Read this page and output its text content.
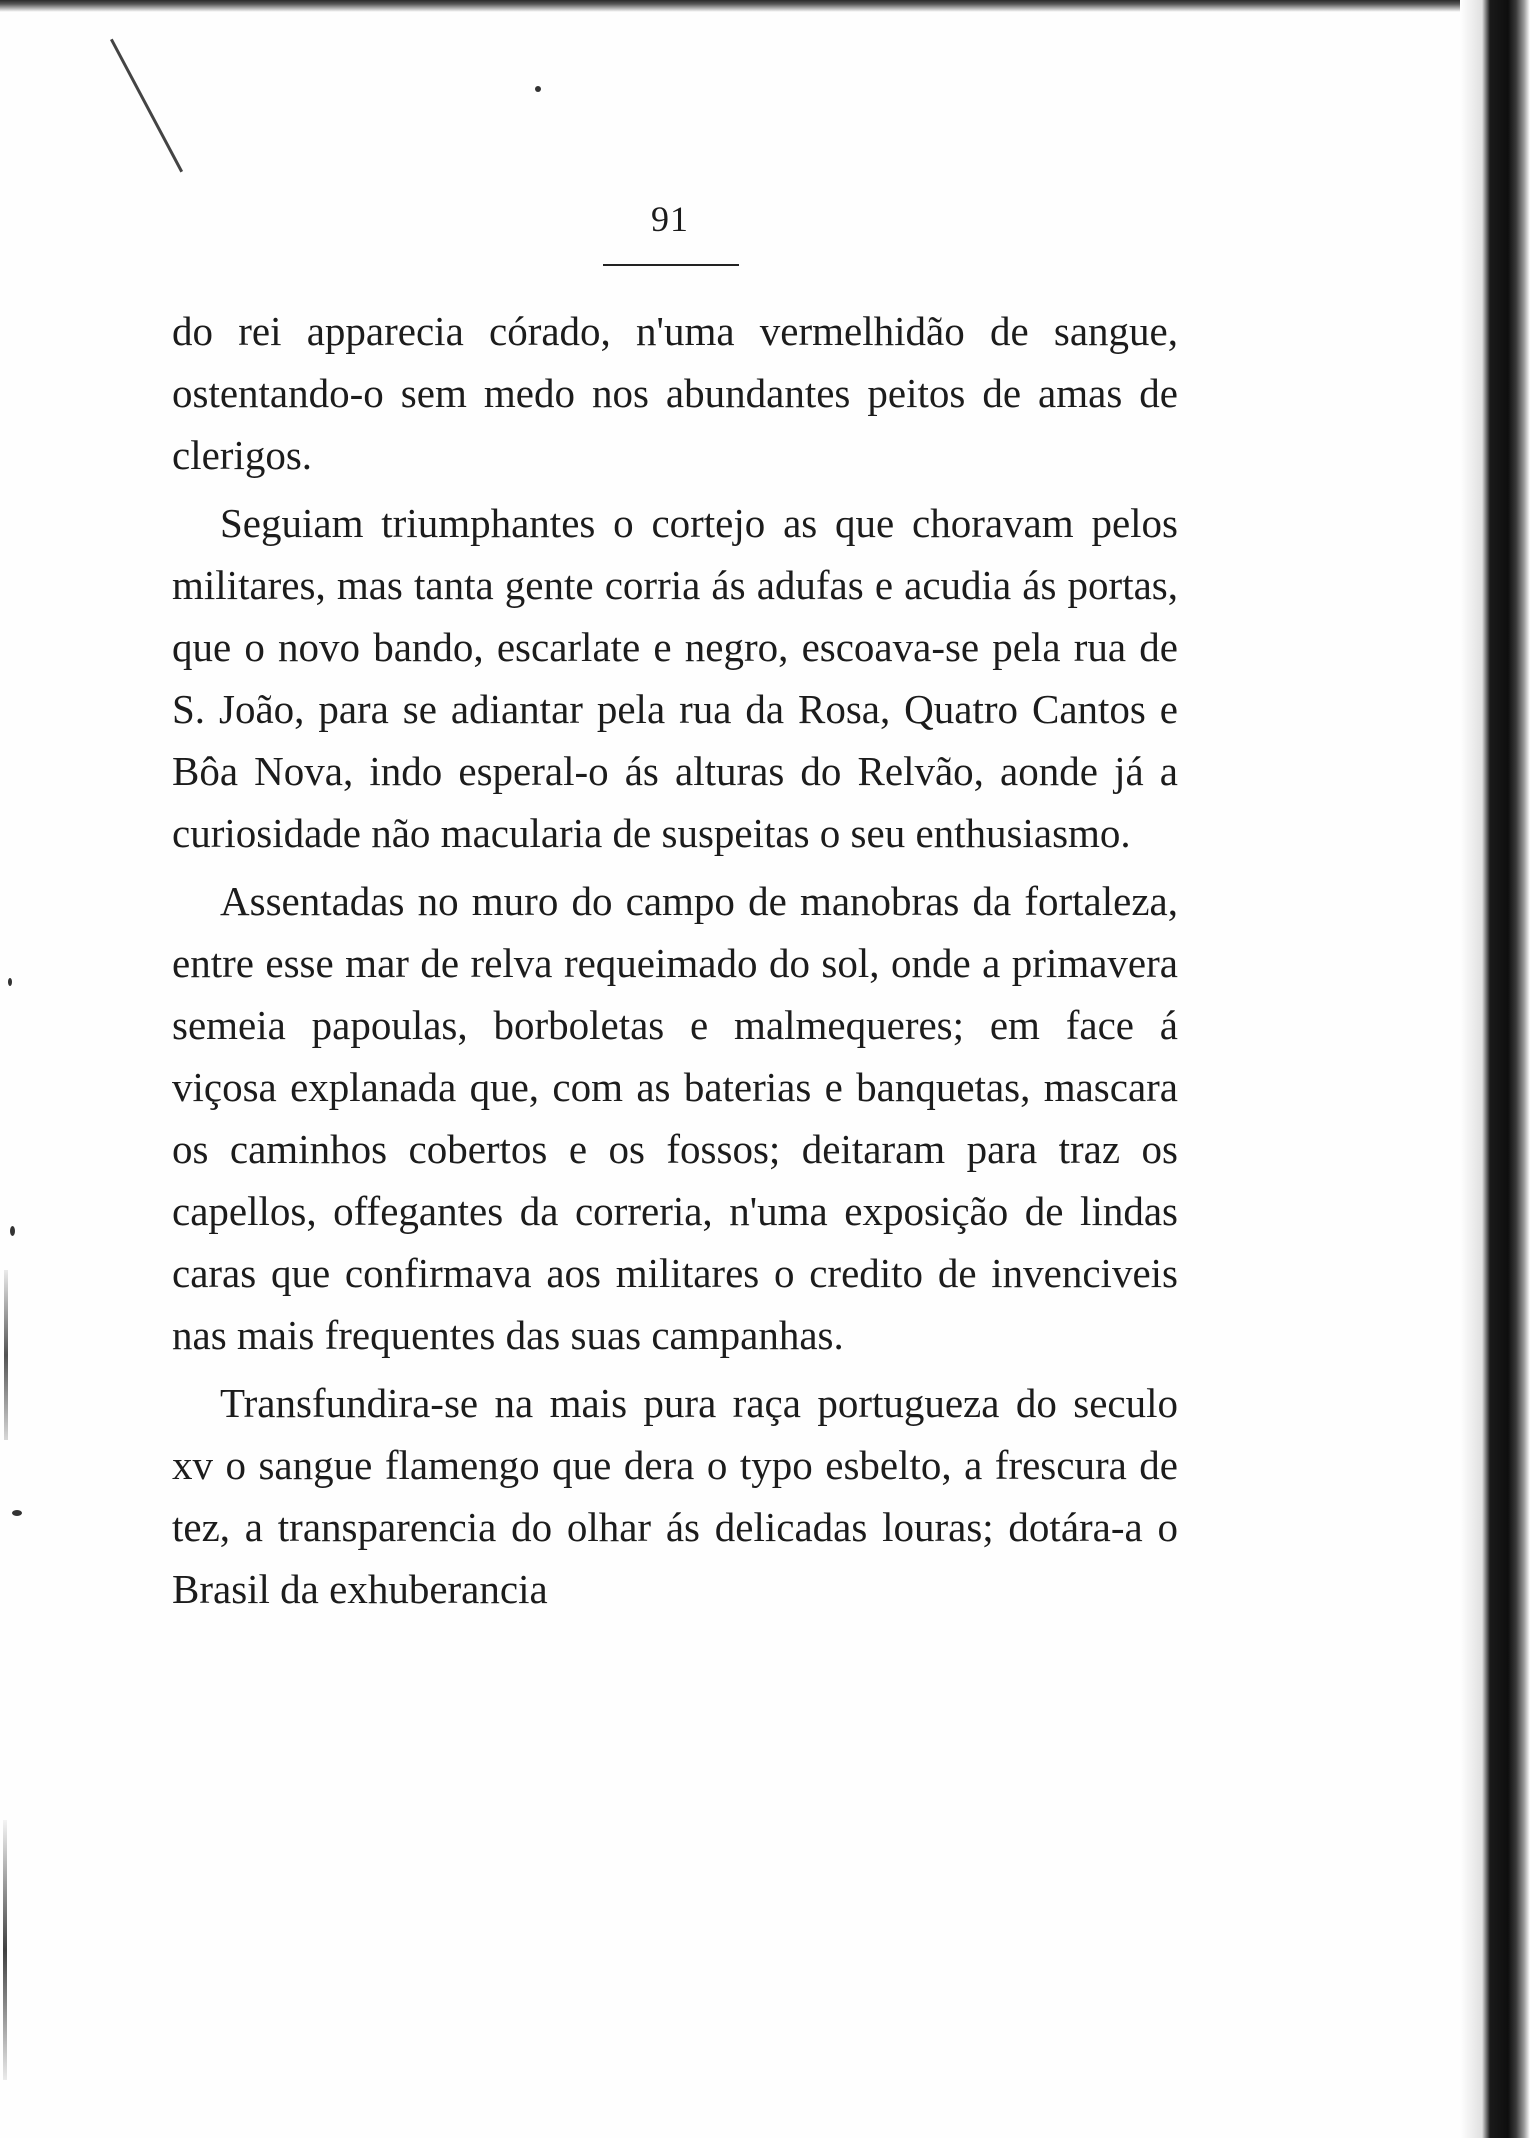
91

do rei apparecia córado, n'uma vermelhidão de sangue, ostentando-o sem medo nos abundantes peitos de amas de clerigos.

Seguiam triumphantes o cortejo as que choravam pelos militares, mas tanta gente corria ás adufas e acudia ás portas, que o novo bando, escarlate e negro, escoava-se pela rua de S. João, para se adiantar pela rua da Rosa, Quatro Cantos e Bôa Nova, indo esperal-o ás alturas do Relvão, aonde já a curiosidade não macularia de suspeitas o seu enthusiasmo.

Assentadas no muro do campo de manobras da fortaleza, entre esse mar de relva requeimado do sol, onde a primavera semeia papoulas, borboletas e malmequeres; em face á viçosa explanada que, com as baterias e banquetas, mascara os caminhos cobertos e os fossos; deitaram para traz os capellos, offegantes da correria, n'uma exposição de lindas caras que confirmava aos militares o credito de invenciveis nas mais frequentes das suas campanhas.

Transfundira-se na mais pura raça portugueza do seculo xv o sangue flamengo que dera o typo esbelto, a frescura de tez, a transparencia do olhar ás delicadas louras; dotára-a o Brasil da exhuberancia
